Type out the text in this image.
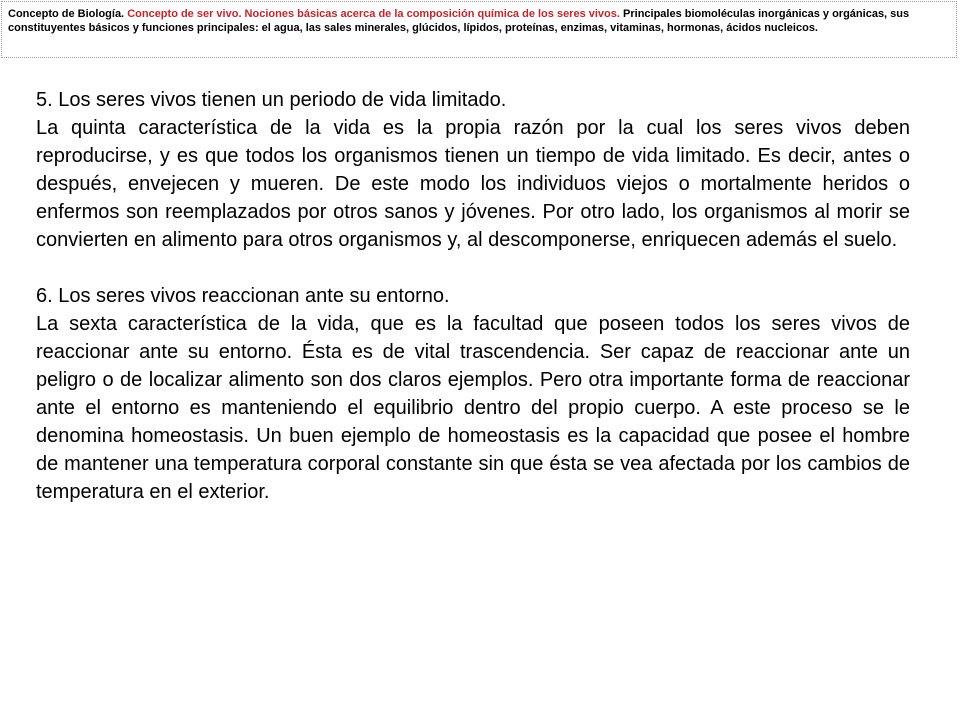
Concepto de Biología. Concepto de ser vivo. Nociones básicas acerca de la composición química de los seres vivos. Principales biomoléculas inorgánicas y orgánicas, sus constituyentes básicos y funciones principales: el agua, las sales minerales, glúcidos, lípidos, proteínas, enzimas, vitaminas, hormonas, ácidos nucleicos.

5. Los seres vivos tienen un periodo de vida limitado.

La quinta característica de la vida es la propia razón por la cual los seres vivos deben reproducirse, y es que todos los organismos tienen un tiempo de vida limitado. Es decir, antes o después, envejecen y mueren. De este modo los individuos viejos o mortalmente heridos o enfermos son reemplazados por otros sanos y jóvenes. Por otro lado, los organismos al morir se convierten en alimento para otros organismos y, al descomponerse, enriquecen además el suelo.

6. Los seres vivos reaccionan ante su entorno.

La sexta característica de la vida, que es la facultad que poseen todos los seres vivos de reaccionar ante su entorno. Ésta es de vital trascendencia. Ser capaz de reaccionar ante un peligro o de localizar alimento son dos claros ejemplos. Pero otra importante forma de reaccionar ante el entorno es manteniendo el equilibrio dentro del propio cuerpo. A este proceso se le denomina homeostasis. Un buen ejemplo de homeostasis es la capacidad que posee el hombre de mantener una temperatura corporal constante sin que ésta se vea afectada por los cambios de temperatura en el exterior.
